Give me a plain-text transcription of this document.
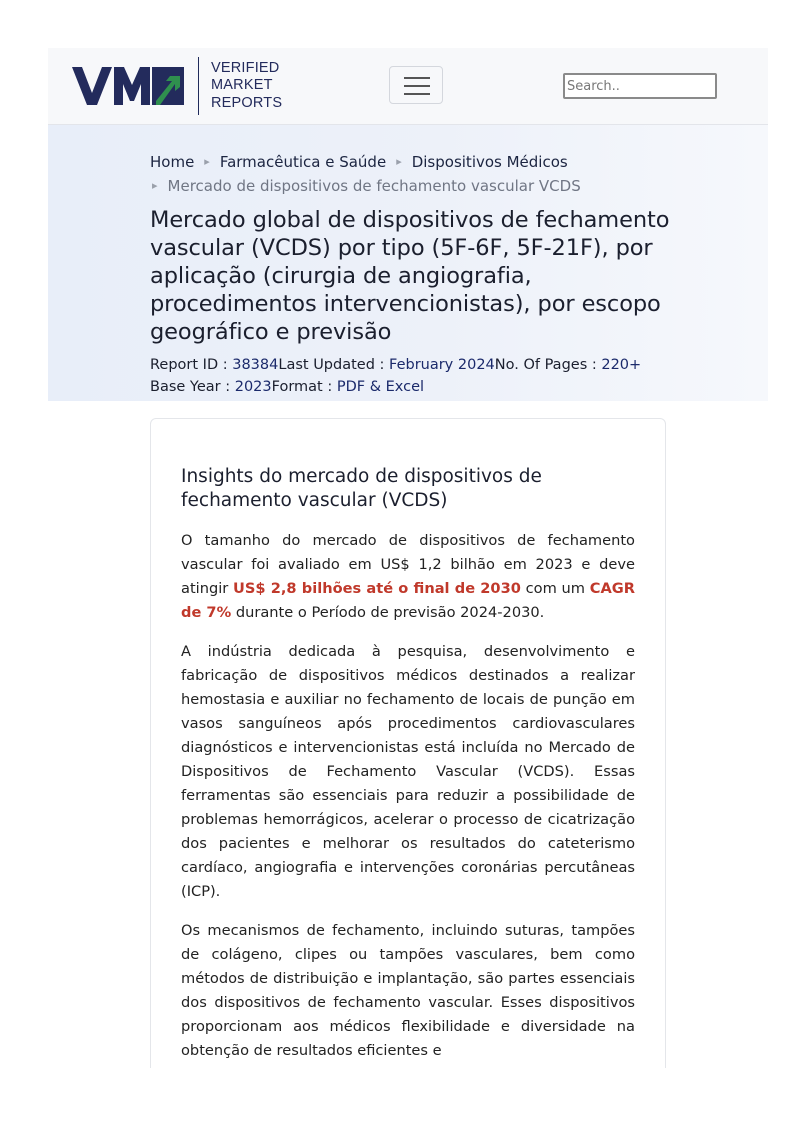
VERIFIED
MARKET
REPORTS
Search..
Home ▸ Farmacêutica e Saúde ▸ Dispositivos Médicos
▸ Mercado de dispositivos de fechamento vascular VCDS
Mercado global de dispositivos de fechamento vascular (VCDS) por tipo (5F-6F, 5F-21F), por aplicação (cirurgia de angiografia, procedimentos intervencionistas), por escopo geográfico e previsão
Report ID : 38384Last Updated : February 2024No. Of Pages : 220+
Base Year : 2023Format : PDF & Excel
Insights do mercado de dispositivos de fechamento vascular (VCDS)

O tamanho do mercado de dispositivos de fechamento vascular foi avaliado em US$ 1,2 bilhão em 2023 e deve atingir US$ 2,8 bilhões até o final de 2030 com um CAGR de 7% durante o Período de previsão 2024-2030.

A indústria dedicada à pesquisa, desenvolvimento e fabricação de dispositivos médicos destinados a realizar hemostasia e auxiliar no fechamento de locais de punção em vasos sanguíneos após procedimentos cardiovasculares diagnósticos e intervencionistas está incluída no Mercado de Dispositivos de Fechamento Vascular (VCDS). Essas ferramentas são essenciais para reduzir a possibilidade de problemas hemorrágicos, acelerar o processo de cicatrização dos pacientes e melhorar os resultados do cateterismo cardíaco, angiografia e intervenções coronárias percutâneas (ICP).

Os mecanismos de fechamento, incluindo suturas, tampões de colágeno, clipes ou tampões vasculares, bem como métodos de distribuição e implantação, são partes essenciais dos dispositivos de fechamento vascular. Esses dispositivos proporcionam aos médicos flexibilidade e diversidade na obtenção de resultados eficientes e
